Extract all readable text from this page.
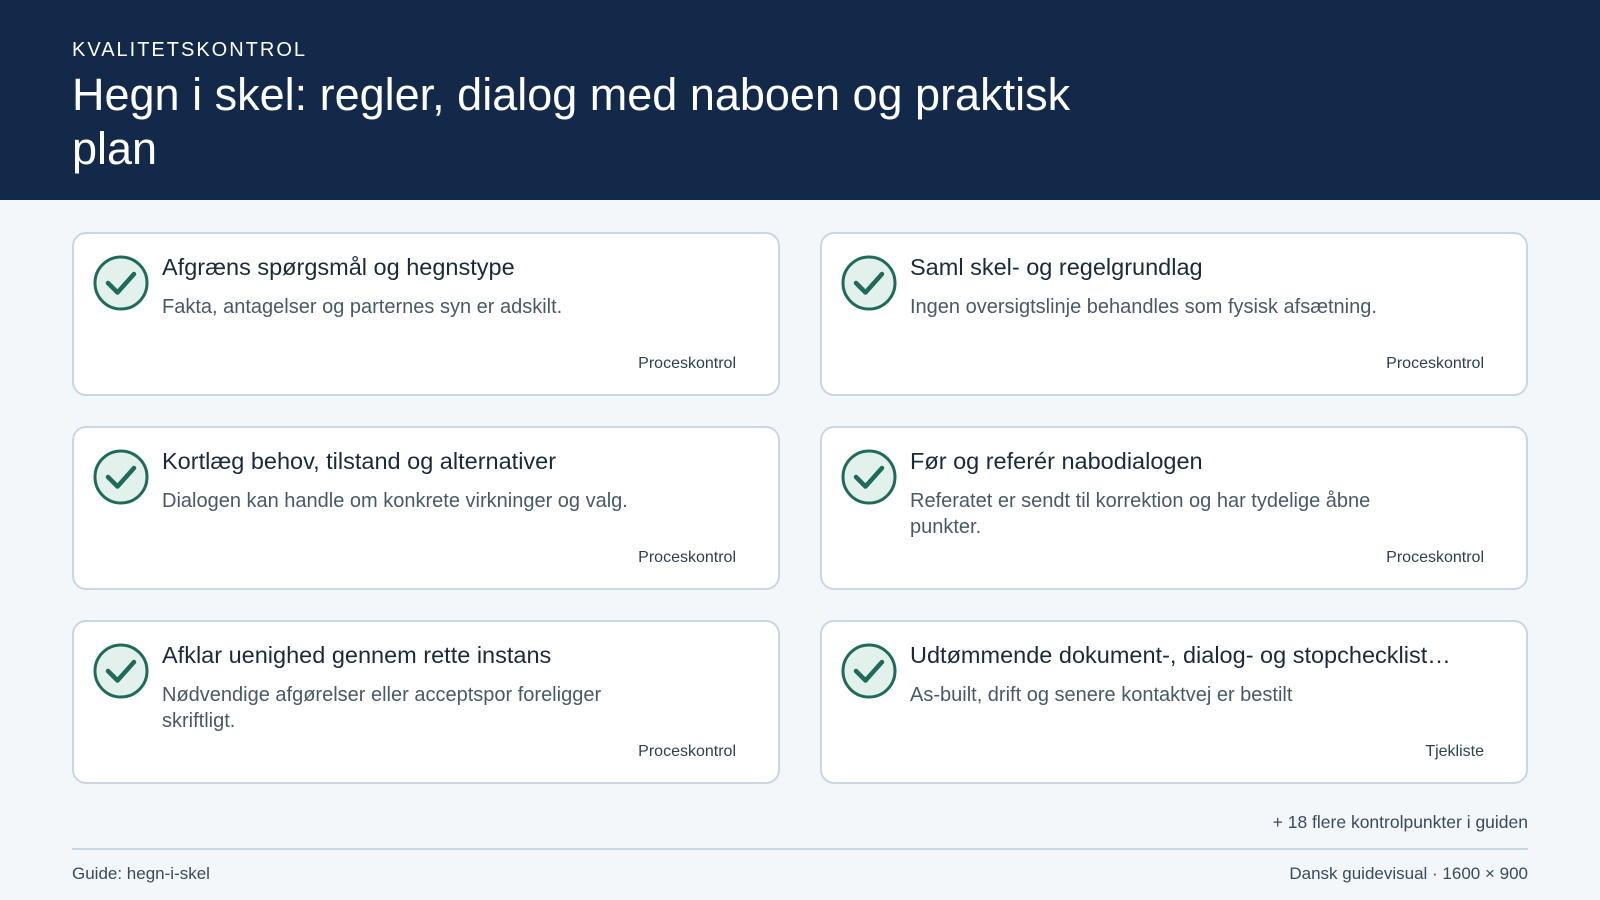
KVALITETSKONTROL
Hegn i skel: regler, dialog med naboen og praktisk plan
Afgræns spørgsmål og hegnstype
Fakta, antagelser og parternes syn er adskilt.
Proceskontrol
Saml skel- og regelgrundlag
Ingen oversigtslinje behandles som fysisk afsætning.
Proceskontrol
Kortlæg behov, tilstand og alternativer
Dialogen kan handle om konkrete virkninger og valg.
Proceskontrol
Før og referér nabodialogen
Referatet er sendt til korrektion og har tydelige åbne punkter.
Proceskontrol
Afklar uenighed gennem rette instans
Nødvendige afgørelser eller acceptspor foreligger skriftligt.
Proceskontrol
Udtømmende dokument-, dialog- og stopchecklist…
As-built, drift og senere kontaktvej er bestilt
Tjekliste
+ 18 flere kontrolpunkter i guiden
Guide: hegn-i-skel	Dansk guidevisual · 1600 × 900
